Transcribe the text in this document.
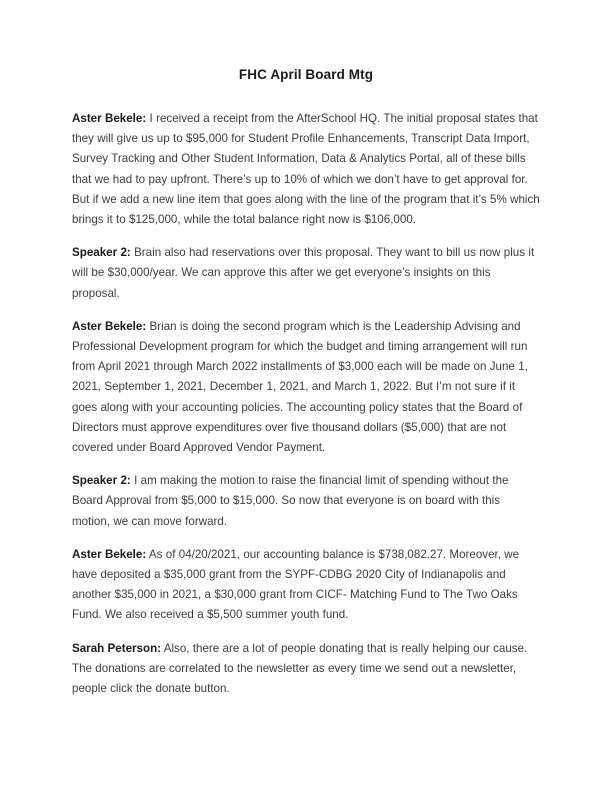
FHC April Board Mtg

Aster Bekele: I received a receipt from the AfterSchool HQ. The initial proposal states that they will give us up to $95,000 for Student Profile Enhancements, Transcript Data Import, Survey Tracking and Other Student Information, Data & Analytics Portal, all of these bills that we had to pay upfront. There’s up to 10% of which we don’t have to get approval for. But if we add a new line item that goes along with the line of the program that it’s 5% which brings it to $125,000, while the total balance right now is $106,000.

Speaker 2: Brain also had reservations over this proposal. They want to bill us now plus it will be $30,000/year. We can approve this after we get everyone’s insights on this proposal.

Aster Bekele: Brian is doing the second program which is the Leadership Advising and Professional Development program for which the budget and timing arrangement will run from April 2021 through March 2022 installments of $3,000 each will be made on June 1, 2021, September 1, 2021, December 1, 2021, and March 1, 2022. But I’m not sure if it goes along with your accounting policies. The accounting policy states that the Board of Directors must approve expenditures over five thousand dollars ($5,000) that are not covered under Board Approved Vendor Payment.

Speaker 2: I am making the motion to raise the financial limit of spending without the Board Approval from $5,000 to $15,000. So now that everyone is on board with this motion, we can move forward.

Aster Bekele: As of 04/20/2021, our accounting balance is $738,082.27. Moreover, we have deposited a $35,000 grant from the SYPF-CDBG 2020 City of Indianapolis and another $35,000 in 2021, a $30,000 grant from CICF- Matching Fund to The Two Oaks Fund. We also received a $5,500 summer youth fund.

Sarah Peterson: Also, there are a lot of people donating that is really helping our cause. The donations are correlated to the newsletter as every time we send out a newsletter, people click the donate button.
